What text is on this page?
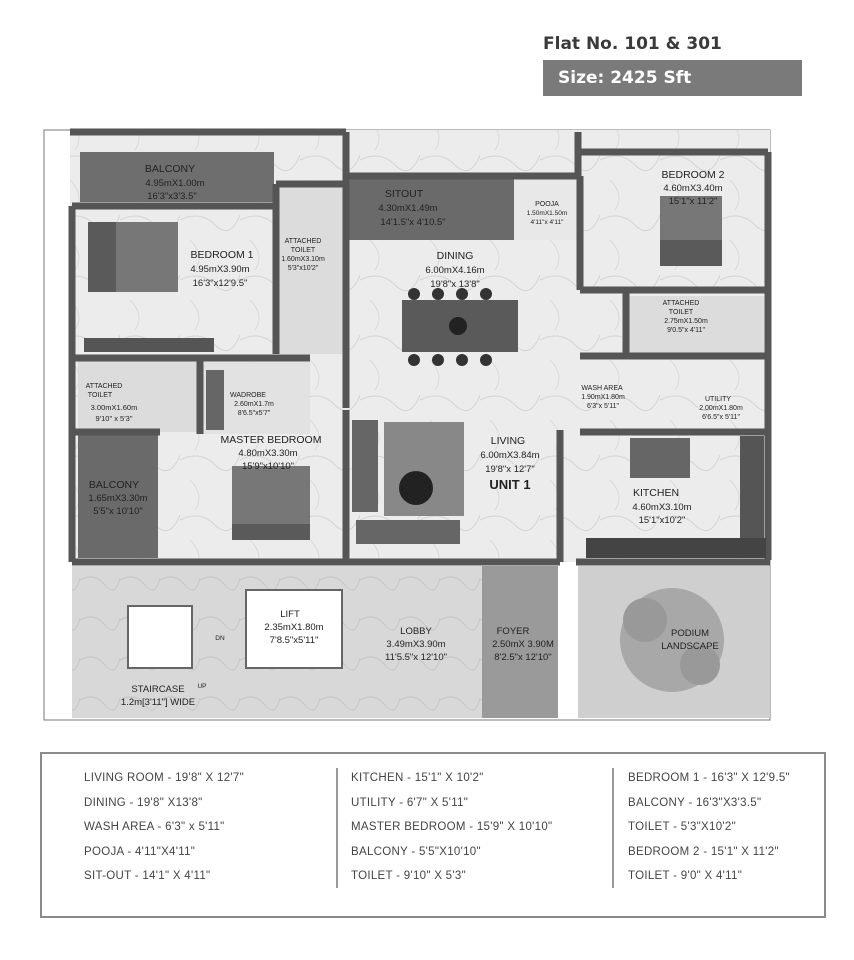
Flat No. 101 & 301
Size: 2425 Sft
BALCONY
4.95mX1.00m
16'3"x3'3.5"
BEDROOM 1
4.95mX3.90m
16'3"x12'9.5"
ATTACHED
TOILET
1.60mX3.10m
5'3"x10'2"
SITOUT
4.30mX1.49m
14'1.5"x 4'10.5"
POOJA
1.50mX1.50m
4'11"x 4'11"
BEDROOM 2
4.60mX3.40m
15'1"x 11'2"
DINING
6.00mX4.16m
19'8"x 13'8"
ATTACHED
TOILET
2.75mX1.50m
9'0.5"x 4'11"
ATTACHED
TOILET
3.00mX1.60m
9'10" x 5'3"
WADROBE
2.60mX1.7m
8'6.5"x5'7"
WASH AREA
1.90mX1.80m
6'3"x 5'11"
UTILITY
2.00mX1.80m
6'6.5"x 5'11"
MASTER BEDROOM
4.80mX3.30m
15'9"x10'10"
LIVING
6.00mX3.84m
19'8"x 12'7"
UNIT 1
BALCONY
1.65mX3.30m
5'5"x 10'10"
KITCHEN
4.60mX3.10m
15'1"x10'2"
LIFT
2.35mX1.80m
7'8.5"x5'11"
LOBBY
3.49mX3.90m
11'5.5"x 12'10"
FOYER
2.50mX 3.90M
8'2.5"x 12'10"
PODIUM
LANDSCAPE
STAIRCASE
1.2m[3'11"] WIDE
DN
UP
LIVING ROOM - 19'8" X 12'7"
DINING - 19'8" X13'8"
WASH AREA - 6'3" x 5'11"
POOJA - 4'11"X4'11"
SIT-OUT - 14'1" X 4'11"
KITCHEN - 15'1" X 10'2"
UTILITY - 6'7" X 5'11"
MASTER BEDROOM - 15'9" X 10'10"
BALCONY - 5'5"X10'10"
TOILET - 9'10" X 5'3"
BEDROOM 1 - 16'3" X 12'9.5"
BALCONY - 16'3"X3'3.5"
TOILET - 5'3"X10'2"
BEDROOM 2 - 15'1" X 11'2"
TOILET - 9'0" X 4'11"
